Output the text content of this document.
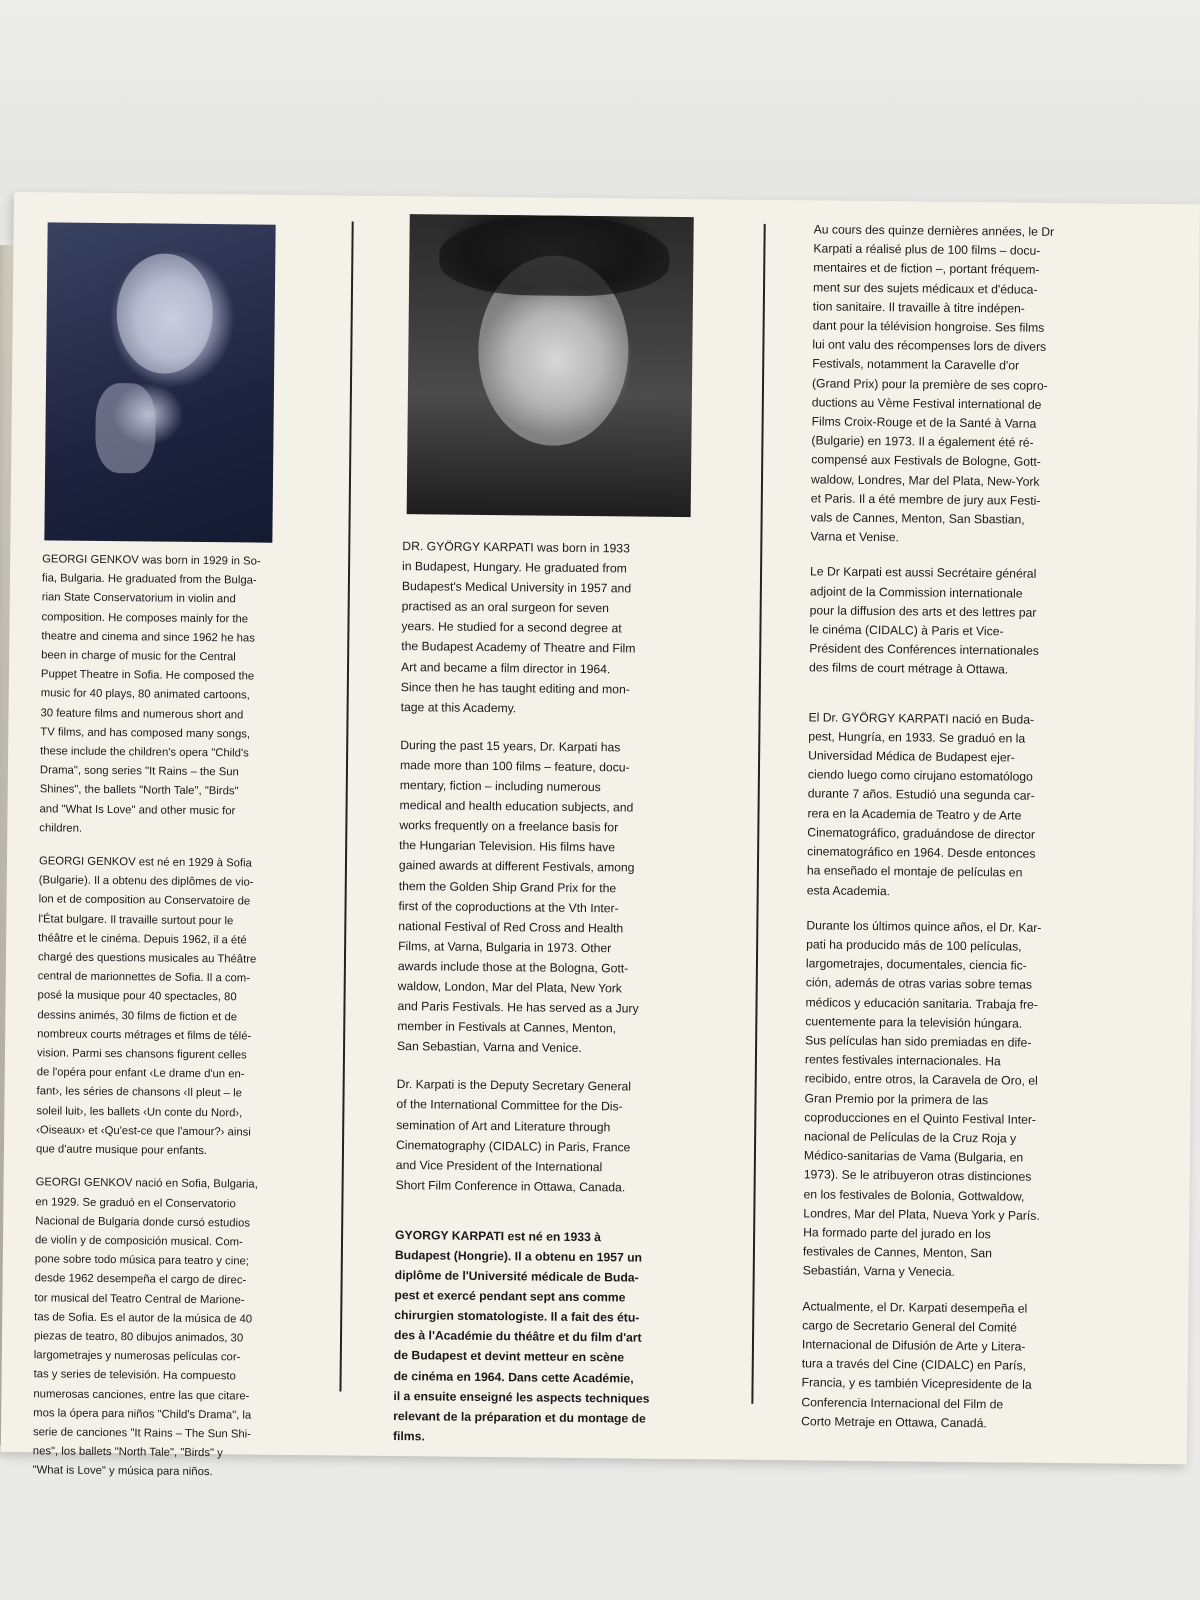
GEORGI GENKOV was born in 1929 in So-
fia, Bulgaria. He graduated from the Bulga-
rian State Conservatorium in violin and
composition. He composes mainly for the
theatre and cinema and since 1962 he has
been in charge of music for the Central
Puppet Theatre in Sofia. He composed the
music for 40 plays, 80 animated cartoons,
30 feature films and numerous short and
TV films, and has composed many songs,
these include the children's opera "Child's
Drama", song series "It Rains – the Sun
Shines", the ballets "North Tale", "Birds"
and "What Is Love" and other music for
children.

GEORGI GENKOV est né en 1929 à Sofia
(Bulgarie). Il a obtenu des diplômes de vio-
lon et de composition au Conservatoire de
l'État bulgare. Il travaille surtout pour le
théâtre et le cinéma. Depuis 1962, il a été
chargé des questions musicales au Théâtre
central de marionnettes de Sofia. Il a com-
posé la musique pour 40 spectacles, 80
dessins animés, 30 films de fiction et de
nombreux courts métrages et films de télé-
vision. Parmi ses chansons figurent celles
de l'opéra pour enfant ‹Le drame d'un en-
fant›, les séries de chansons ‹Il pleut – le
soleil luit›, les ballets ‹Un conte du Nord›,
‹Oiseaux› et ‹Qu'est-ce que l'amour?› ainsi
que d'autre musique pour enfants.

GEORGI GENKOV nació en Sofia, Bulgaria,
en 1929. Se graduó en el Conservatorio
Nacional de Bulgaria donde cursó estudios
de violín y de composición musical. Com-
pone sobre todo música para teatro y cine;
desde 1962 desempeña el cargo de direc-
tor musical del Teatro Central de Marione-
tas de Sofia. Es el autor de la música de 40
piezas de teatro, 80 dibujos animados, 30
largometrajes y numerosas películas cor-
tas y series de televisión. Ha compuesto
numerosas canciones, entre las que citare-
mos la ópera para niños "Child's Drama", la
serie de canciones "It Rains – The Sun Shi-
nes", los ballets "North Tale", "Birds" y
"What is Love" y música para niños.

DR. GYÖRGY KARPATI was born in 1933
in Budapest, Hungary. He graduated from
Budapest's Medical University in 1957 and
practised as an oral surgeon for seven
years. He studied for a second degree at
the Budapest Academy of Theatre and Film
Art and became a film director in 1964.
Since then he has taught editing and mon-
tage at this Academy.

During the past 15 years, Dr. Karpati has
made more than 100 films – feature, docu-
mentary, fiction – including numerous
medical and health education subjects, and
works frequently on a freelance basis for
the Hungarian Television. His films have
gained awards at different Festivals, among
them the Golden Ship Grand Prix for the
first of the coproductions at the Vth Inter-
national Festival of Red Cross and Health
Films, at Varna, Bulgaria in 1973. Other
awards include those at the Bologna, Gott-
waldow, London, Mar del Plata, New York
and Paris Festivals. He has served as a Jury
member in Festivals at Cannes, Menton,
San Sebastian, Varna and Venice.

Dr. Karpati is the Deputy Secretary General
of the International Committee for the Dis-
semination of Art and Literature through
Cinematography (CIDALC) in Paris, France
and Vice President of the International
Short Film Conference in Ottawa, Canada.

GYORGY KARPATI est né en 1933 à
Budapest (Hongrie). Il a obtenu en 1957 un
diplôme de l'Université médicale de Buda-
pest et exercé pendant sept ans comme
chirurgien stomatologiste. Il a fait des étu-
des à l'Académie du théâtre et du film d'art
de Budapest et devint metteur en scène
de cinéma en 1964. Dans cette Académie,
il a ensuite enseigné les aspects techniques
relevant de la préparation et du montage de
films.

Au cours des quinze dernières années, le Dr
Karpati a réalisé plus de 100 films – docu-
mentaires et de fiction –, portant fréquem-
ment sur des sujets médicaux et d'éduca-
tion sanitaire. Il travaille à titre indépen-
dant pour la télévision hongroise. Ses films
lui ont valu des récompenses lors de divers
Festivals, notamment la Caravelle d'or
(Grand Prix) pour la première de ses copro-
ductions au Vème Festival international de
Films Croix-Rouge et de la Santé à Varna
(Bulgarie) en 1973. Il a également été ré-
compensé aux Festivals de Bologne, Gott-
waldow, Londres, Mar del Plata, New-York
et Paris. Il a été membre de jury aux Festi-
vals de Cannes, Menton, San Sbastian,
Varna et Venise.

Le Dr Karpati est aussi Secrétaire général
adjoint de la Commission internationale
pour la diffusion des arts et des lettres par
le cinéma (CIDALC) à Paris et Vice-
Président des Conférences internationales
des films de court métrage à Ottawa.

El Dr. GYÖRGY KARPATI nació en Buda-
pest, Hungría, en 1933. Se graduó en la
Universidad Médica de Budapest ejer-
ciendo luego como cirujano estomatólogo
durante 7 años. Estudió una segunda car-
rera en la Academia de Teatro y de Arte
Cinematográfico, graduándose de director
cinematográfico en 1964. Desde entonces
ha enseñado el montaje de películas en
esta Academia.

Durante los últimos quince años, el Dr. Kar-
pati ha producido más de 100 películas,
largometrajes, documentales, ciencia fic-
ción, además de otras varias sobre temas
médicos y educación sanitaria. Trabaja fre-
cuentemente para la televisión húngara.
Sus películas han sido premiadas en dife-
rentes festivales internacionales. Ha
recibido, entre otros, la Caravela de Oro, el
Gran Premio por la primera de las
coproducciones en el Quinto Festival Inter-
nacional de Películas de la Cruz Roja y
Médico-sanitarias de Vama (Bulgaria, en
1973). Se le atribuyeron otras distinciones
en los festivales de Bolonia, Gottwaldow,
Londres, Mar del Plata, Nueva York y París.
Ha formado parte del jurado en los
festivales de Cannes, Menton, San
Sebastián, Varna y Venecia.

Actualmente, el Dr. Karpati desempeña el
cargo de Secretario General del Comité
Internacional de Difusión de Arte y Litera-
tura a través del Cine (CIDALC) en París,
Francia, y es también Vicepresidente de la
Conferencia Internacional del Film de
Corto Metraje en Ottawa, Canadá.
